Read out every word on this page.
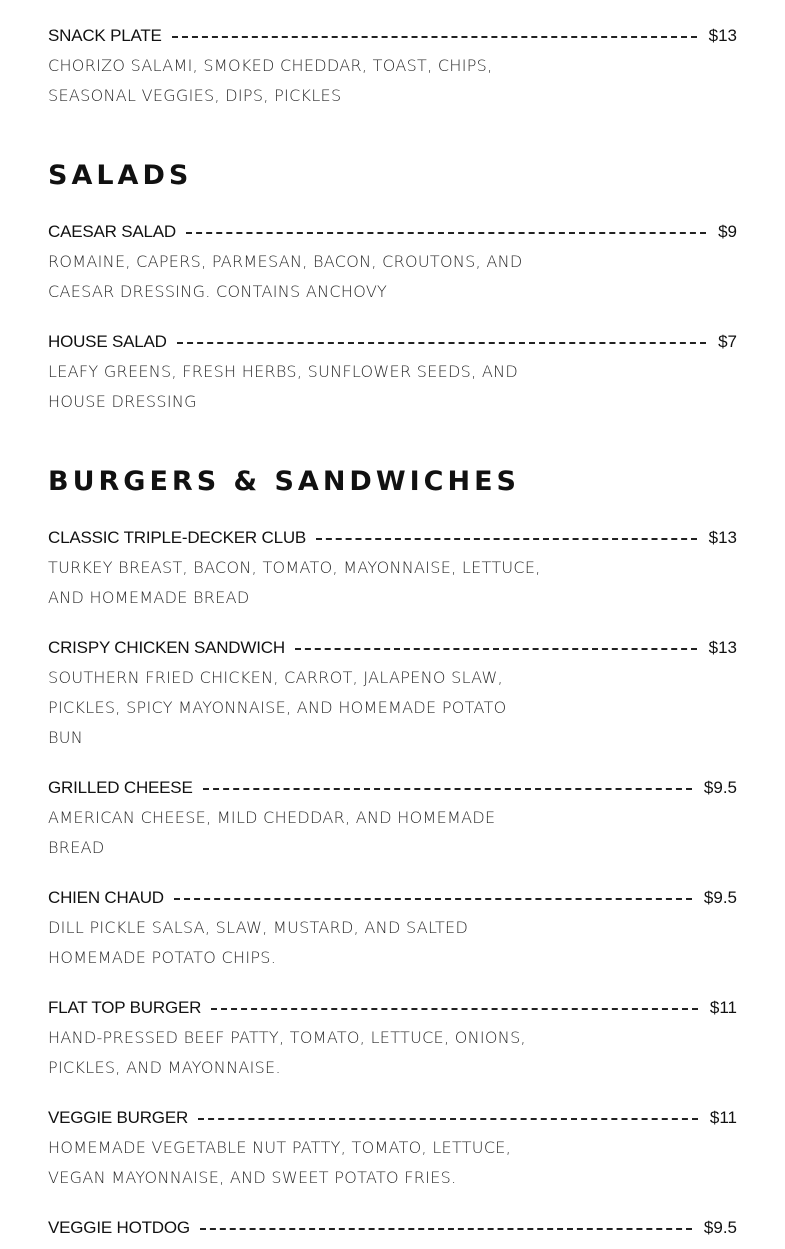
SNACK PLATE	$13
CHORIZO SALAMI, SMOKED CHEDDAR, TOAST, CHIPS,
SEASONAL VEGGIES, DIPS, PICKLES
SALADS
CAESAR SALAD	$9
ROMAINE, CAPERS, PARMESAN, BACON, CROUTONS, AND
CAESAR DRESSING. CONTAINS ANCHOVY
HOUSE SALAD	$7
LEAFY GREENS, FRESH HERBS, SUNFLOWER SEEDS, AND
HOUSE DRESSING
BURGERS & SANDWICHES
CLASSIC TRIPLE-DECKER CLUB	$13
TURKEY BREAST, BACON, TOMATO, MAYONNAISE, LETTUCE,
AND HOMEMADE BREAD
CRISPY CHICKEN SANDWICH	$13
SOUTHERN FRIED CHICKEN, CARROT, JALAPENO SLAW,
PICKLES, SPICY MAYONNAISE, AND HOMEMADE POTATO
BUN
GRILLED CHEESE	$9.5
AMERICAN CHEESE, MILD CHEDDAR, AND HOMEMADE
BREAD
CHIEN CHAUD	$9.5
DILL PICKLE SALSA, SLAW, MUSTARD, AND SALTED
HOMEMADE POTATO CHIPS.
FLAT TOP BURGER	$11
HAND-PRESSED BEEF PATTY, TOMATO, LETTUCE, ONIONS,
PICKLES, AND MAYONNAISE.
VEGGIE BURGER	$11
HOMEMADE VEGETABLE NUT PATTY, TOMATO, LETTUCE,
VEGAN MAYONNAISE, AND SWEET POTATO FRIES.
VEGGIE HOTDOG	$9.5
